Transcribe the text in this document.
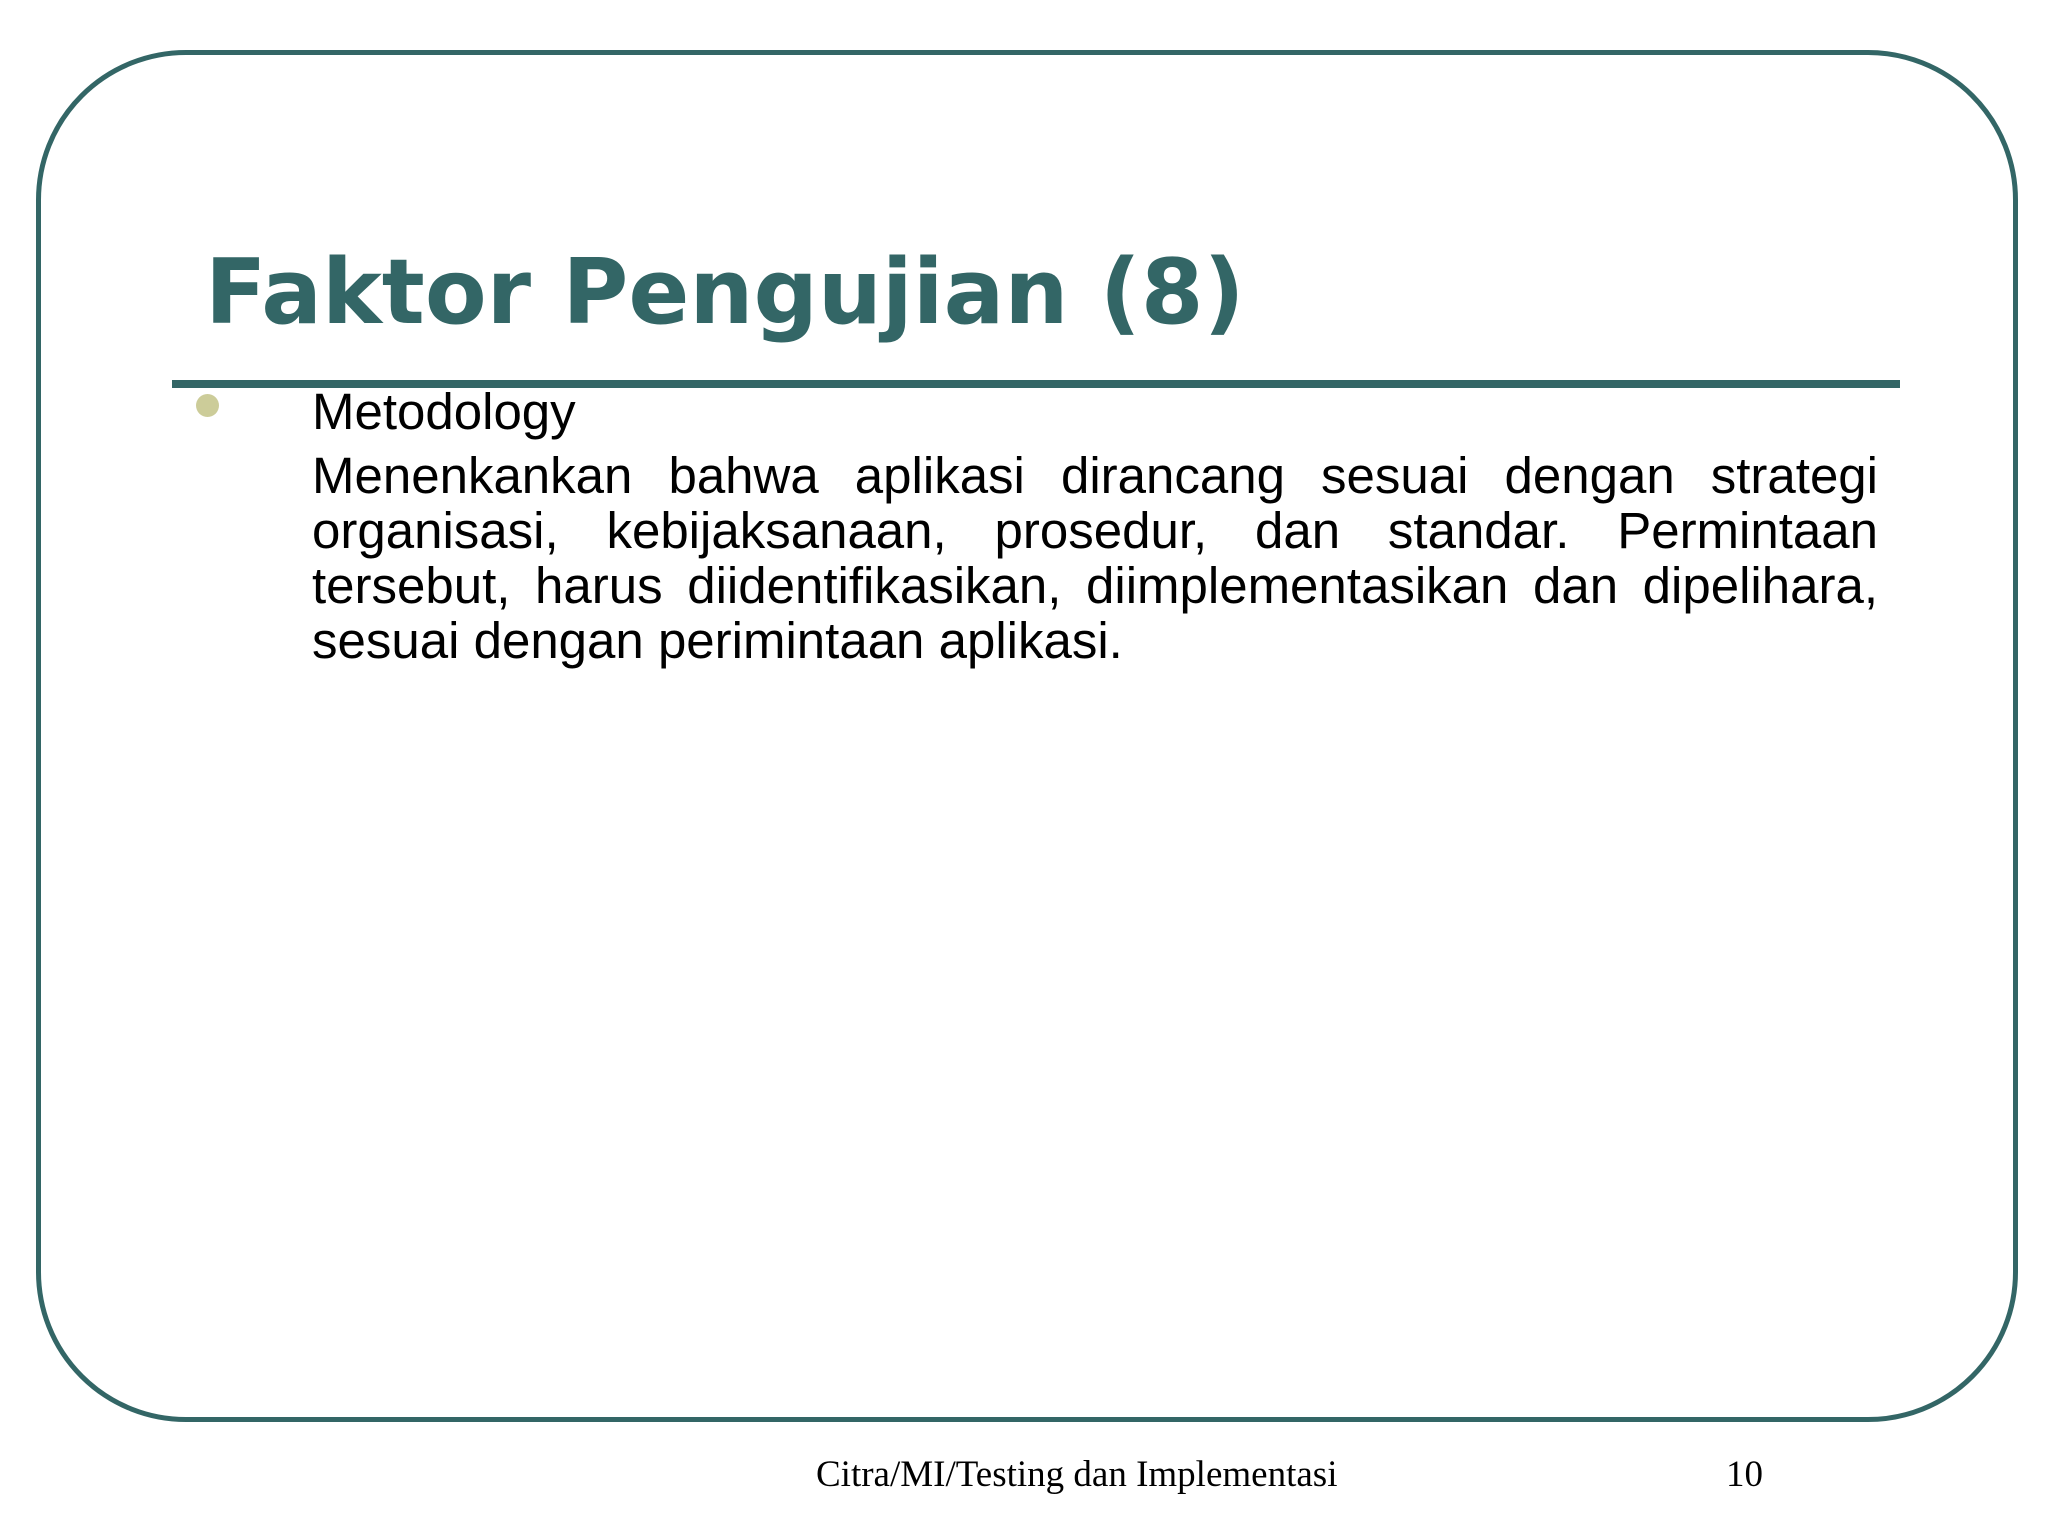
Faktor Pengujian (8)
Metodology
Menenkankan bahwa aplikasi dirancang sesuai dengan strategi organisasi, kebijaksanaan, prosedur, dan standar. Permintaan tersebut, harus diidentifikasikan, diimplementasikan dan dipelihara, sesuai dengan perimintaan aplikasi.
Citra/MI/Testing dan Implementasi	10
